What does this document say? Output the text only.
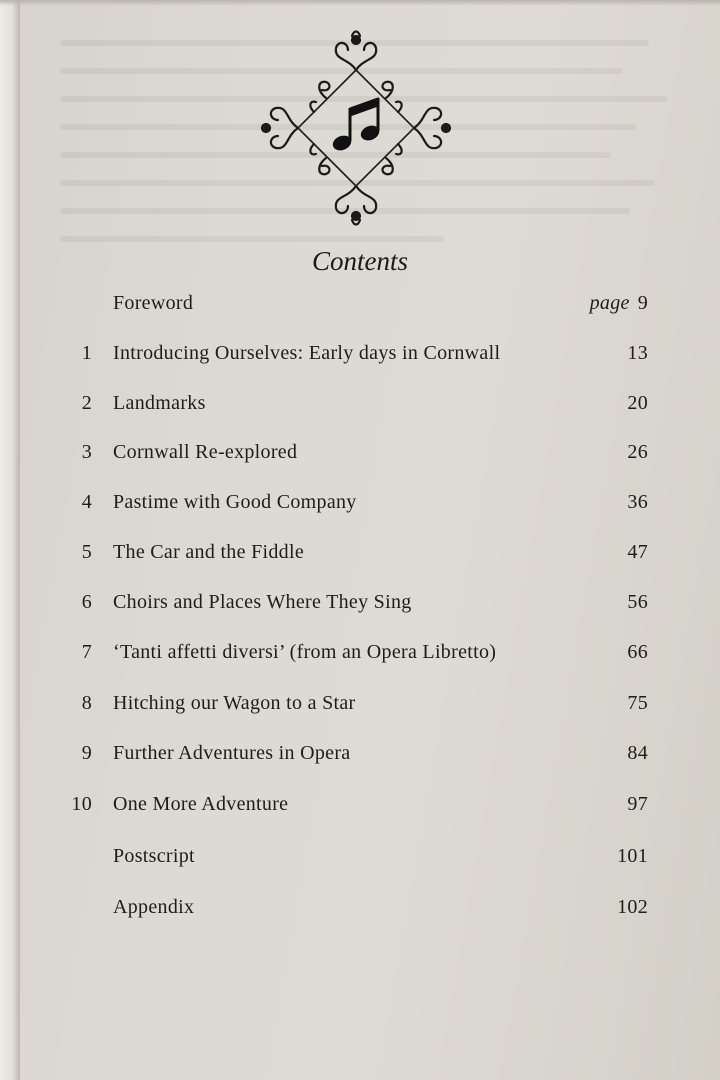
Contents
Foreword	page 9
1 Introducing Ourselves: Early days in Cornwall	13
2 Landmarks	20
3 Cornwall Re-explored	26
4 Pastime with Good Company	36
5 The Car and the Fiddle	47
6 Choirs and Places Where They Sing	56
7 ‘Tanti affetti diversi’ (from an Opera Libretto)	66
8 Hitching our Wagon to a Star	75
9 Further Adventures in Opera	84
10 One More Adventure	97
Postscript	101
Appendix	102
